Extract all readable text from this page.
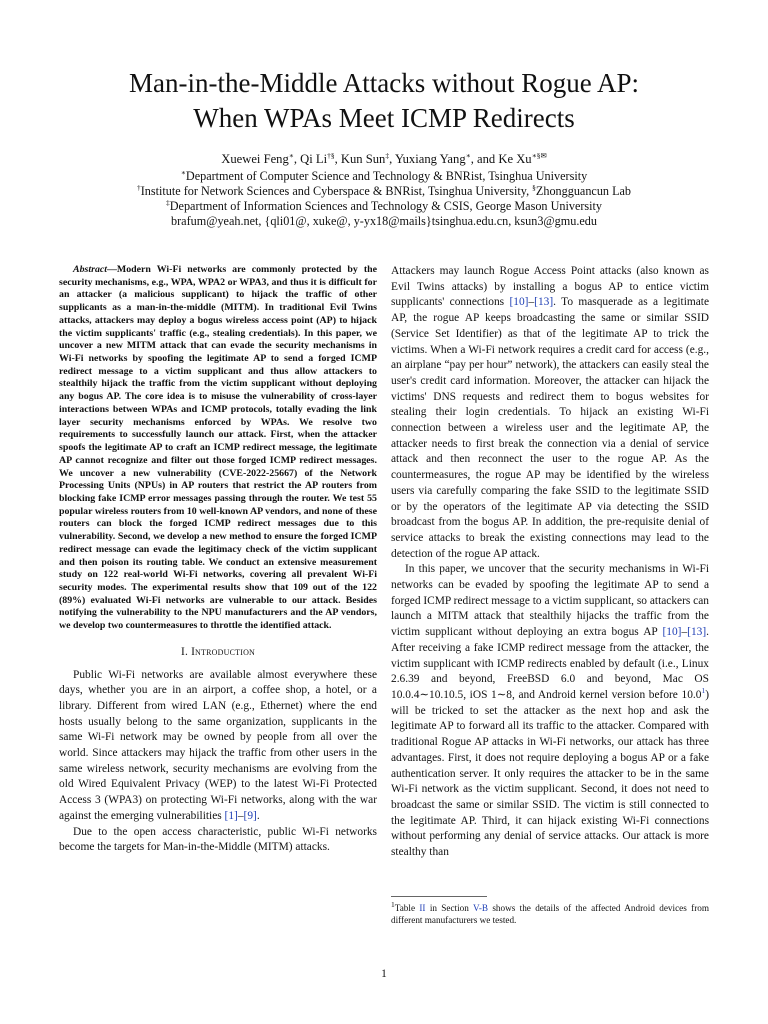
Man-in-the-Middle Attacks without Rogue AP:
When WPAs Meet ICMP Redirects
Xuewei Feng∗, Qi Li†§, Kun Sun‡, Yuxiang Yang∗, and Ke Xu∗§✉
∗Department of Computer Science and Technology & BNRist, Tsinghua University
†Institute for Network Sciences and Cyberspace & BNRist, Tsinghua University, §Zhongguancun Lab
‡Department of Information Sciences and Technology & CSIS, George Mason University
brafum@yeah.net, {qli01@, xuke@, y-yx18@mails}tsinghua.edu.cn, ksun3@gmu.edu

Abstract—Modern Wi-Fi networks are commonly protected by the security mechanisms, e.g., WPA, WPA2 or WPA3, and thus it is difficult for an attacker (a malicious supplicant) to hijack the traffic of other supplicants as a man-in-the-middle (MITM). In traditional Evil Twins attacks, attackers may deploy a bogus wireless access point (AP) to hijack the victim supplicants' traffic (e.g., stealing credentials). In this paper, we uncover a new MITM attack that can evade the security mechanisms in Wi-Fi networks by spoofing the legitimate AP to send a forged ICMP redirect message to a victim supplicant and thus allow attackers to stealthily hijack the traffic from the victim supplicant without deploying any bogus AP. The core idea is to misuse the vulnerability of cross-layer interactions between WPAs and ICMP protocols, totally evading the link layer security mechanisms enforced by WPAs. We resolve two requirements to successfully launch our attack. First, when the attacker spoofs the legitimate AP to craft an ICMP redirect message, the legitimate AP cannot recognize and filter out those forged ICMP redirect messages. We uncover a new vulnerability (CVE-2022-25667) of the Network Processing Units (NPUs) in AP routers that restrict the AP routers from blocking fake ICMP error messages passing through the router. We test 55 popular wireless routers from 10 well-known AP vendors, and none of these routers can block the forged ICMP redirect messages due to this vulnerability. Second, we develop a new method to ensure the forged ICMP redirect message can evade the legitimacy check of the victim supplicant and then poison its routing table. We conduct an extensive measurement study on 122 real-world Wi-Fi networks, covering all prevalent Wi-Fi security modes. The experimental results show that 109 out of the 122 (89%) evaluated Wi-Fi networks are vulnerable to our attack. Besides notifying the vulnerability to the NPU manufacturers and the AP vendors, we develop two countermeasures to throttle the identified attack.

I. Introduction

Public Wi-Fi networks are available almost everywhere these days, whether you are in an airport, a coffee shop, a hotel, or a library. Different from wired LAN (e.g., Ethernet) where the end hosts usually belong to the same organization, supplicants in the same Wi-Fi network may be owned by people from all over the world. Since attackers may hijack the traffic from other users in the same wireless network, security mechanisms are evolving from the old Wired Equivalent Privacy (WEP) to the latest Wi-Fi Protected Access 3 (WPA3) on protecting Wi-Fi networks, along with the war against the emerging vulnerabilities [1]–[9].

Due to the open access characteristic, public Wi-Fi networks become the targets for Man-in-the-Middle (MITM) attacks.

Attackers may launch Rogue Access Point attacks (also known as Evil Twins attacks) by installing a bogus AP to entice victim supplicants' connections [10]–[13]. To masquerade as a legitimate AP, the rogue AP keeps broadcasting the same or similar SSID (Service Set Identifier) as that of the legitimate AP to trick the victims. When a Wi-Fi network requires a credit card for access (e.g., an airplane “pay per hour” network), the attackers can easily steal the user's credit card information. Moreover, the attacker can hijack the victims' DNS requests and redirect them to bogus websites for stealing their login credentials. To hijack an existing Wi-Fi connection between a wireless user and the legitimate AP, the attacker needs to first break the connection via a denial of service attack and then reconnect the user to the rogue AP. As the countermeasures, the rogue AP may be identified by the wireless users via carefully comparing the fake SSID to the legitimate SSID or by the operators of the legitimate AP via detecting the SSID broadcast from the bogus AP. In addition, the pre-requisite denial of service attacks to break the existing connections may lead to the detection of the rogue AP attack.

In this paper, we uncover that the security mechanisms in Wi-Fi networks can be evaded by spoofing the legitimate AP to send a forged ICMP redirect message to a victim supplicant, so attackers can launch a MITM attack that stealthily hijacks the traffic from the victim supplicant without deploying an extra bogus AP [10]–[13]. After receiving a fake ICMP redirect message from the attacker, the victim supplicant with ICMP redirects enabled by default (i.e., Linux 2.6.39 and beyond, FreeBSD 6.0 and beyond, Mac OS 10.0.4∼10.10.5, iOS 1∼8, and Android kernel version before 10.0$^1$) will be tricked to set the attacker as the next hop and ask the legitimate AP to forward all its traffic to the attacker. Compared with traditional Rogue AP attacks in Wi-Fi networks, our attack has three advantages. First, it does not require deploying a bogus AP or a fake authentication server. It only requires the attacker to be in the same Wi-Fi network as the victim supplicant. Second, it does not need to broadcast the same or similar SSID. The victim is still connected to the legitimate AP. Third, it can hijack existing Wi-Fi connections without performing any denial of service attacks. Our attack is more stealthy than

$^1$Table II in Section V-B shows the details of the affected Android devices from different manufacturers we tested.
1
